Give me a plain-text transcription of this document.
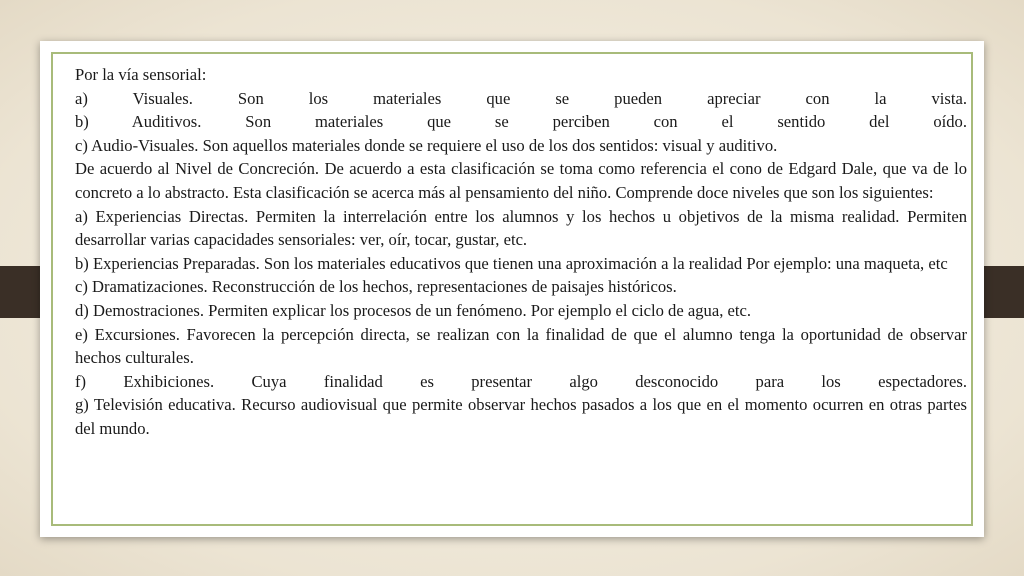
Por la vía sensorial:

a) Visuales. Son los materiales que se pueden apreciar con la vista.

b) Auditivos. Son materiales que se perciben con el sentido del oído.

c) Audio-Visuales. Son aquellos materiales donde se requiere el uso de los dos sentidos: visual y auditivo.

De acuerdo al Nivel de Concreción. De acuerdo a esta clasificación se toma como referencia el cono de Edgard Dale, que va de lo concreto a lo abstracto. Esta clasificación se acerca más al pensamiento del niño. Comprende doce niveles que son los siguientes:

a) Experiencias Directas. Permiten la interrelación entre los alumnos y los hechos u objetivos de la misma realidad. Permiten desarrollar varias capacidades sensoriales: ver, oír, tocar, gustar, etc.

b) Experiencias Preparadas. Son los materiales educativos que tienen una aproximación a la realidad Por ejemplo: una maqueta, etc

c) Dramatizaciones. Reconstrucción de los hechos, representaciones de paisajes históricos.

d) Demostraciones. Permiten explicar los procesos de un fenómeno. Por ejemplo el ciclo de agua, etc.

e) Excursiones. Favorecen la percepción directa, se realizan con la finalidad de que el alumno tenga la oportunidad de observar hechos culturales.

f) Exhibiciones. Cuya finalidad es presentar algo desconocido para los espectadores.

g) Televisión educativa. Recurso audiovisual que permite observar hechos pasados a los que en el momento ocurren en otras partes del mundo.
